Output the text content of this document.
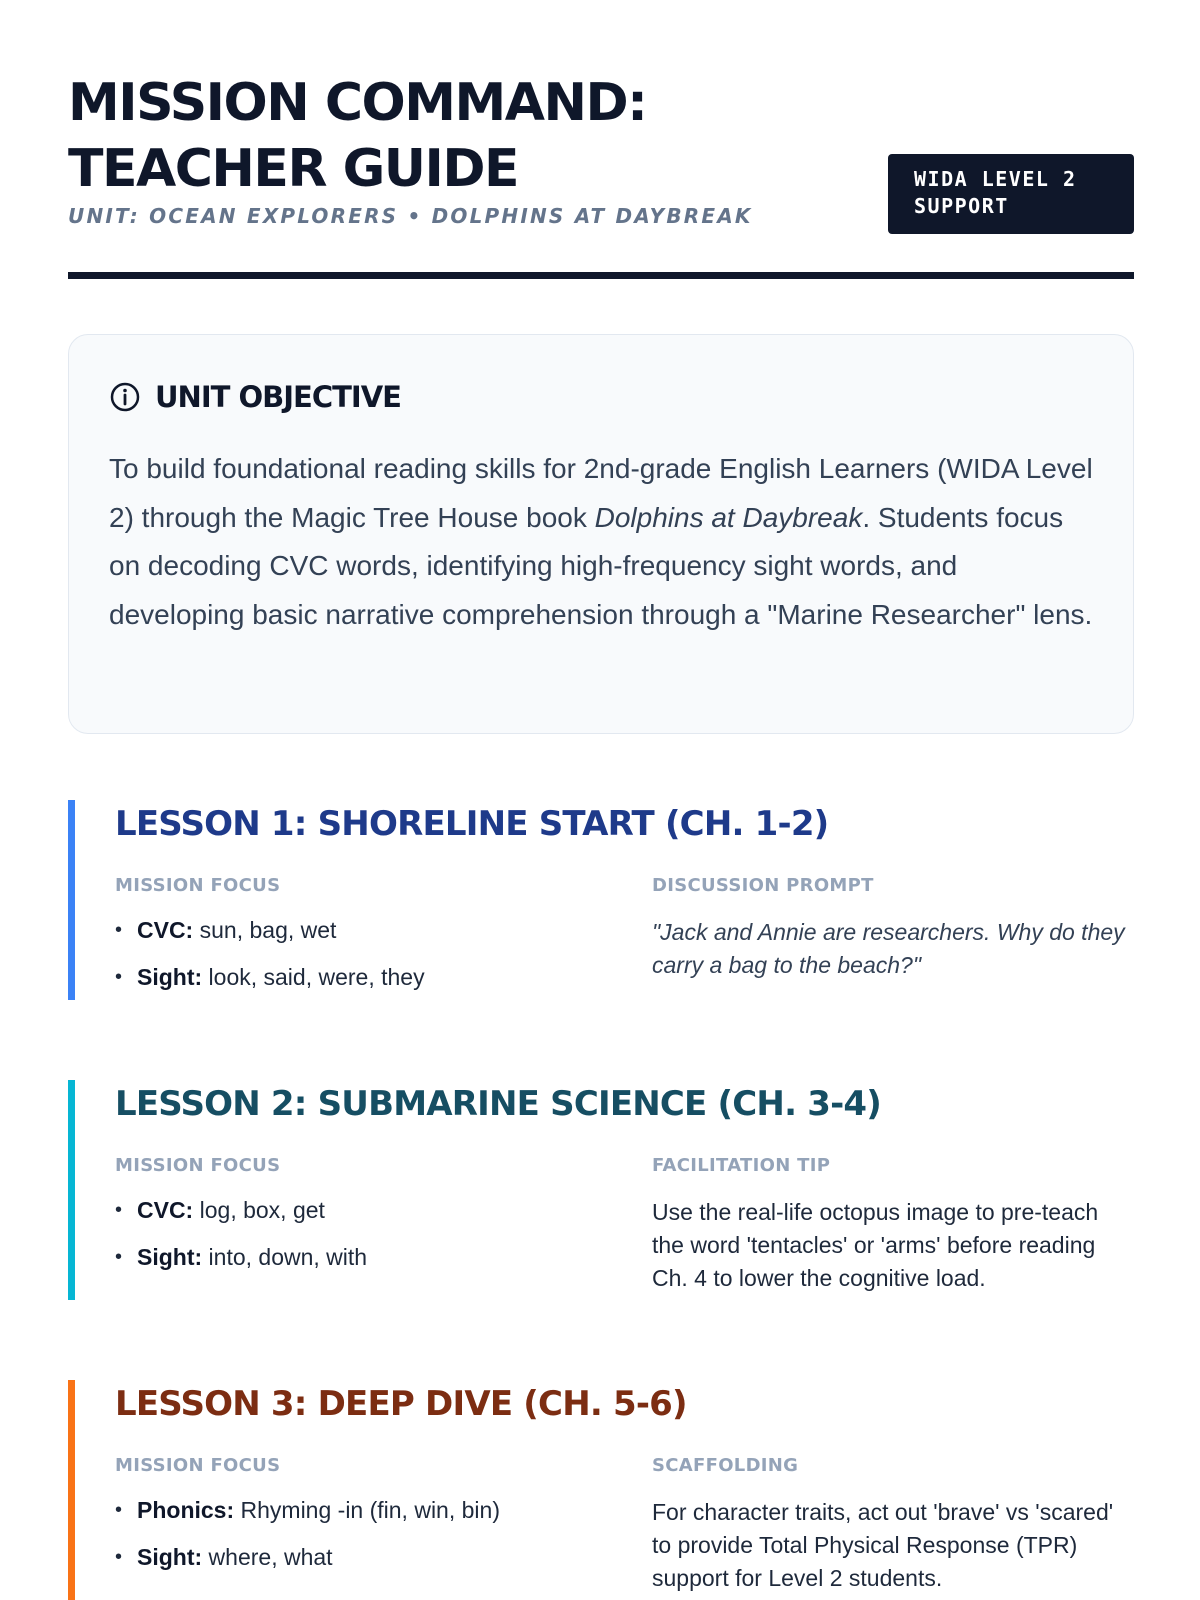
MISSION COMMAND:
TEACHER GUIDE
UNIT: OCEAN EXPLORERS • DOLPHINS AT DAYBREAK
WIDA LEVEL 2
SUPPORT
UNIT OBJECTIVE

To build foundational reading skills for 2nd-grade English Learners (WIDA Level 2) through the Magic Tree House book Dolphins at Daybreak. Students focus on decoding CVC words, identifying high-frequency sight words, and developing basic narrative comprehension through a "Marine Researcher" lens.

LESSON 1: SHORELINE START (CH. 1-2)
MISSION FOCUS
• CVC: sun, bag, wet
• Sight: look, said, were, they
DISCUSSION PROMPT

"Jack and Annie are researchers. Why do they carry a bag to the beach?"

LESSON 2: SUBMARINE SCIENCE (CH. 3-4)
MISSION FOCUS
• CVC: log, box, get
• Sight: into, down, with
FACILITATION TIP

Use the real-life octopus image to pre-teach the word 'tentacles' or 'arms' before reading Ch. 4 to lower the cognitive load.

LESSON 3: DEEP DIVE (CH. 5-6)
MISSION FOCUS
• Phonics: Rhyming -in (fin, win, bin)
• Sight: where, what
SCAFFOLDING

For character traits, act out 'brave' vs 'scared' to provide Total Physical Response (TPR) support for Level 2 students.
